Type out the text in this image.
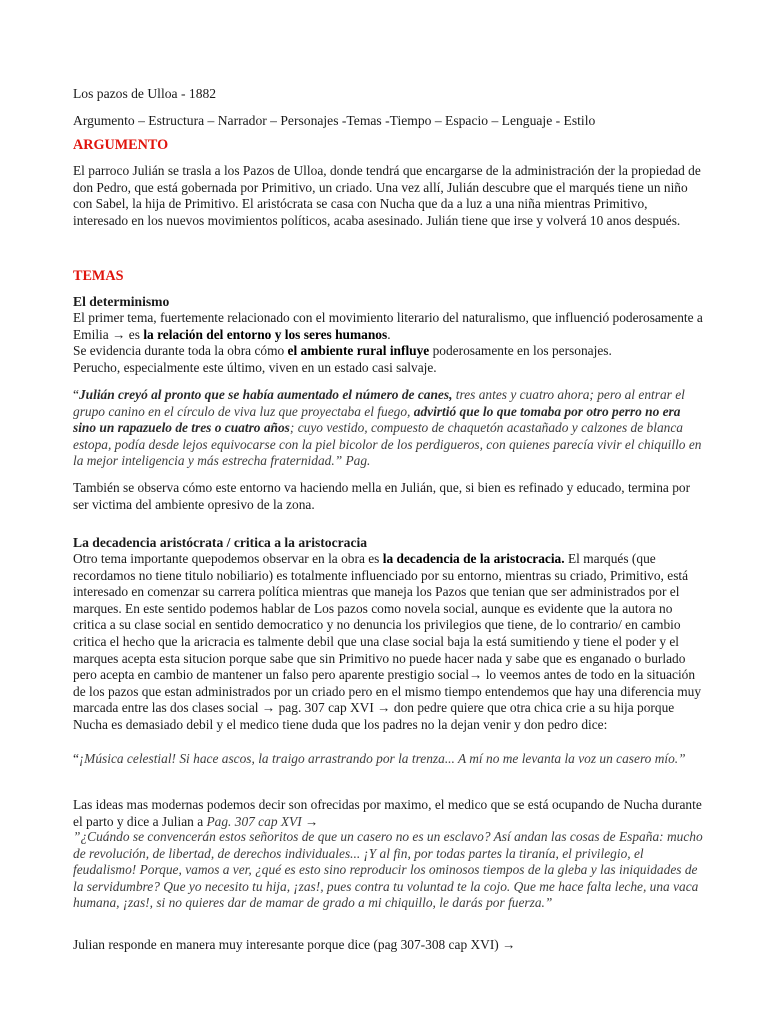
Los pazos de Ulloa - 1882

Argumento – Estructura – Narrador – Personajes -Temas -Tiempo – Espacio – Lenguaje - Estilo

ARGUMENTO

El parroco Julián se trasla a los Pazos de Ulloa, donde tendrá que encargarse de la administración der la propiedad de don Pedro, que está gobernada por Primitivo, un criado. Una vez allí, Julián descubre que el marqués tiene un niño con Sabel, la hija de Primitivo. El aristócrata se casa con Nucha que da a luz a una niña mientras Primitivo, interesado en los nuevos movimientos políticos, acaba asesinado. Julián tiene que irse y volverá 10 anos después.

TEMAS

El determinismo

El primer tema, fuertemente relacionado con el movimiento literario del naturalismo, que influenció poderosamente a Emilia → es la relación del entorno y los seres humanos.
Se evidencia durante toda la obra cómo el ambiente rural influye poderosamente en los personajes.
Perucho, especialmente este último, viven en un estado casi salvaje.

“Julián creyó al pronto que se había aumentado el número de canes, tres antes y cuatro ahora; pero al entrar el grupo canino en el círculo de viva luz que proyectaba el fuego, advirtió que lo que tomaba por otro perro no era sino un rapazuelo de tres o cuatro años; cuyo vestido, compuesto de chaquetón acastañado y calzones de blanca estopa, podía desde lejos equivocarse con la piel bicolor de los perdigueros, con quienes parecía vivir el chiquillo en la mejor inteligencia y más estrecha fraternidad.” Pag.

También se observa cómo este entorno va haciendo mella en Julián, que, si bien es refinado y educado, termina por ser victima del ambiente opresivo de la zona.

La decadencia aristócrata / critica a la aristocracia

Otro tema importante quepodemos observar en la obra es la decadencia de la aristocracia. El marqués (que recordamos no tiene titulo nobiliario) es totalmente influenciado por su entorno, mientras su criado, Primitivo, está interesado en comenzar su carrera política mientras que maneja los Pazos que tenian que ser administrados por el marques. En este sentido podemos hablar de Los pazos como novela social, aunque es evidente que la autora no critica a su clase social en sentido democratico y no denuncia los privilegios que tiene, de lo contrario/ en cambio critica el hecho que la aricracia es talmente debil que una clase social baja la está sumitiendo y tiene el poder y el marques acepta esta situcion porque sabe que sin Primitivo no puede hacer nada y sabe que es enganado o burlado pero acepta en cambio de mantener un falso pero aparente prestigio social→ lo veemos antes de todo en la situación de los pazos que estan administrados por un criado pero en el mismo tiempo entendemos que hay una diferencia muy marcada entre las dos clases social → pag. 307 cap XVI → don pedre quiere que otra chica crie a su hija porque Nucha es demasiado debil y el medico tiene duda que los padres no la dejan venir y don pedro dice:

“¡Música celestial! Si hace ascos, la traigo arrastrando por la trenza... A mí no me levanta la voz un casero mío.”

Las ideas mas modernas podemos decir son ofrecidas por maximo, el medico que se está ocupando de Nucha durante el parto y dice a Julian a Pag. 307 cap XVI →

”¿Cuándo se convencerán estos señoritos de que un casero no es un esclavo? Así andan las cosas de España: mucho de revolución, de libertad, de derechos individuales... ¡Y al fin, por todas partes la tiranía, el privilegio, el feudalismo! Porque, vamos a ver, ¿qué es esto sino reproducir los ominosos tiempos de la gleba y las iniquidades de la servidumbre? Que yo necesito tu hija, ¡zas!, pues contra tu voluntad te la cojo. Que me hace falta leche, una vaca humana, ¡zas!, si no quieres dar de mamar de grado a mi chiquillo, le darás por fuerza.”

Julian responde en manera muy interesante porque dice (pag 307-308 cap XVI) →
